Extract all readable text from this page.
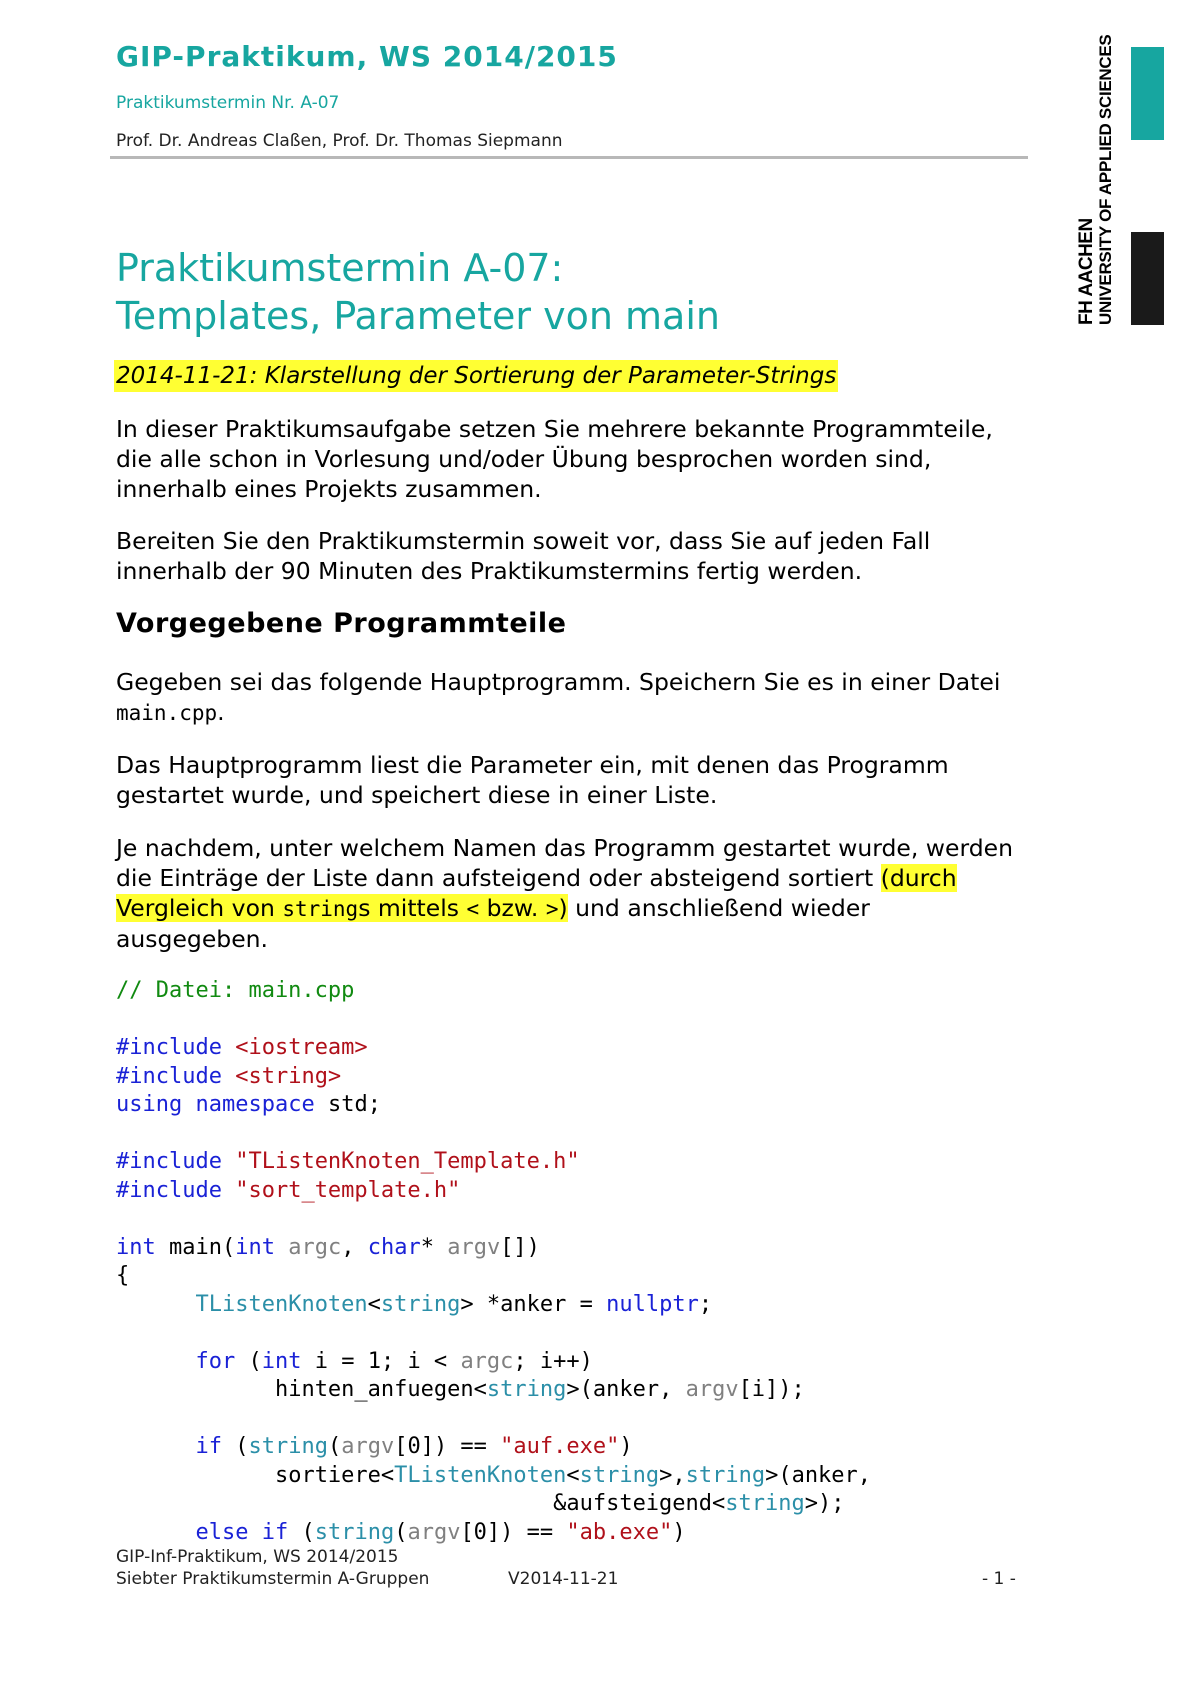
GIP-Praktikum, WS 2014/2015
Praktikumstermin Nr. A-07
Prof. Dr. Andreas Claßen, Prof. Dr. Thomas Siepmann
FH AACHEN UNIVERSITY OF APPLIED SCIENCES
Praktikumstermin A-07:
Templates, Parameter von main
2014-11-21: Klarstellung der Sortierung der Parameter-Strings

In dieser Praktikumsaufgabe setzen Sie mehrere bekannte Programmteile, die alle schon in Vorlesung und/oder Übung besprochen worden sind, innerhalb eines Projekts zusammen.

Bereiten Sie den Praktikumstermin soweit vor, dass Sie auf jeden Fall innerhalb der 90 Minuten des Praktikumstermins fertig werden.

Vorgegebene Programmteile

Gegeben sei das folgende Hauptprogramm. Speichern Sie es in einer Datei main.cpp.

Das Hauptprogramm liest die Parameter ein, mit denen das Programm gestartet wurde, und speichert diese in einer Liste.

Je nachdem, unter welchem Namen das Programm gestartet wurde, werden die Einträge der Liste dann aufsteigend oder absteigend sortiert (durch Vergleich von strings mittels < bzw. >) und anschließend wieder ausgegeben.

// Datei: main.cpp

#include <iostream>
#include <string>
using namespace std;

#include "TListenKnoten_Template.h"
#include "sort_template.h"

int main(int argc, char* argv[])
{
TListenKnoten<string> *anker = nullptr;

for (int i = 1; i < argc; i++)
hinten_anfuegen<string>(anker, argv[i]);

if (string(argv[0]) == "auf.exe")
sortiere<TListenKnoten<string>,string>(anker,
&aufsteigend<string>);
else if (string(argv[0]) == "ab.exe")
GIP-Inf-Praktikum, WS 2014/2015
Siebter Praktikumstermin A-Gruppen	V2014-11-21	- 1 -
